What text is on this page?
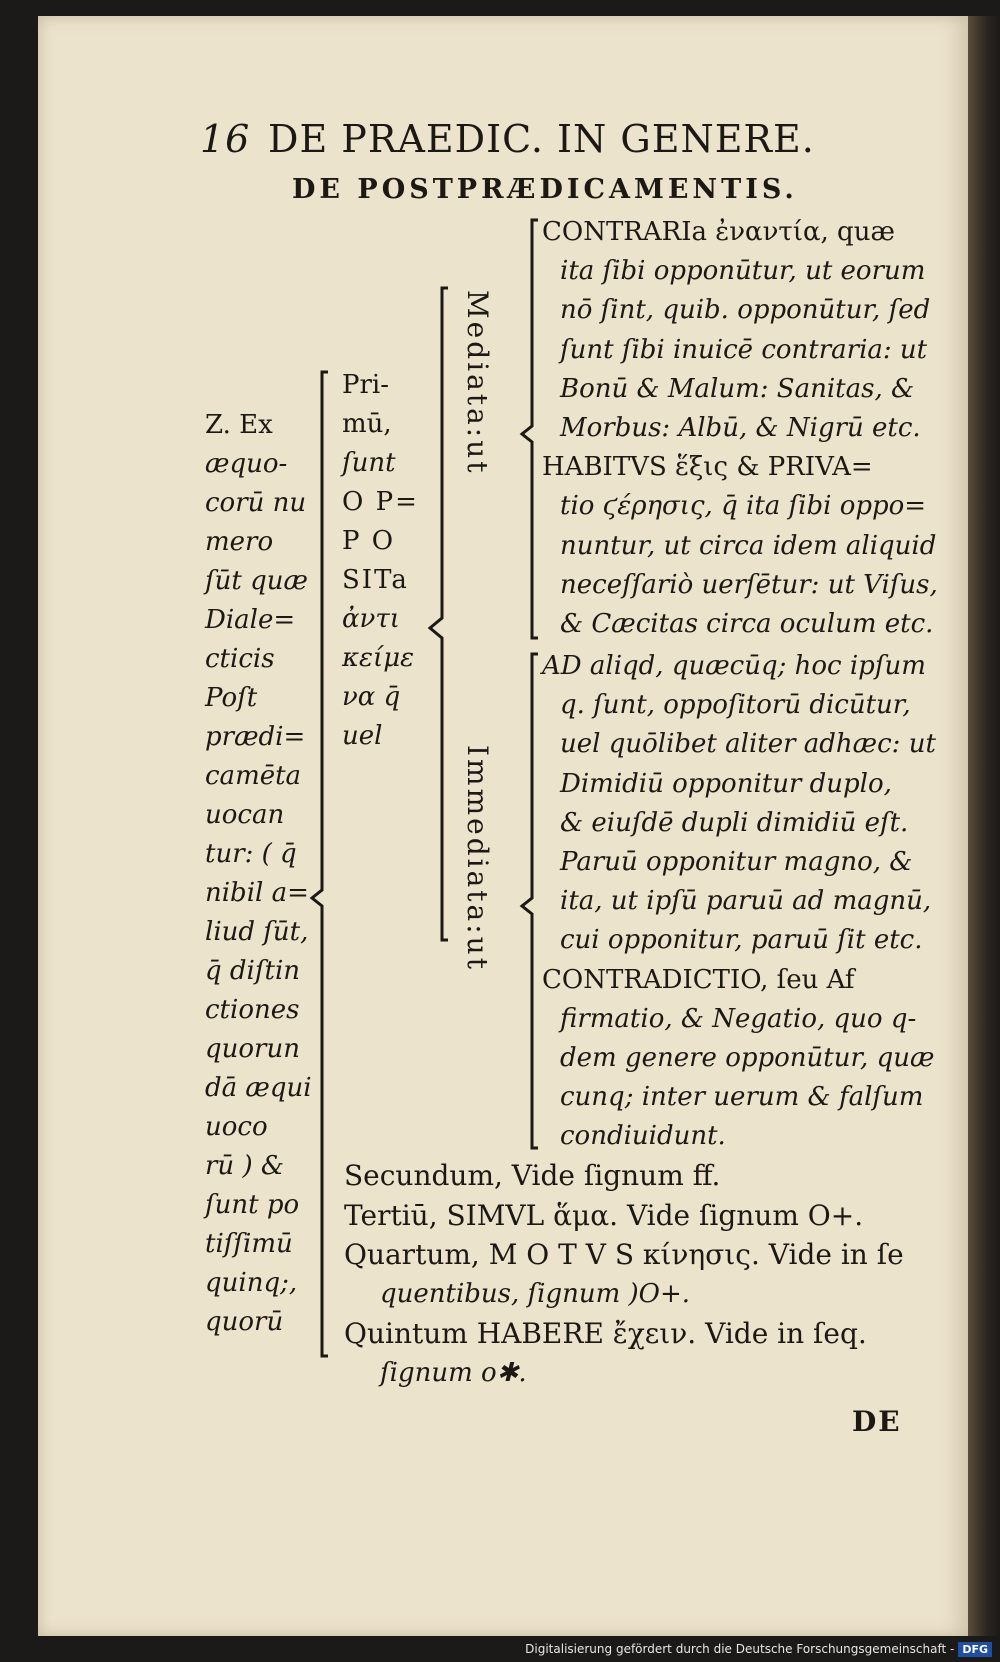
16 DE PRAEDIC. IN GENERE.
DE POSTPRÆDICAMENTIS.
Z. Ex
æquo-
corū nu
mero
ſūt quæ
Diale=
cticis
Poſt
prædi=
camēta
uocan
tur: ( q̄
nibil a=
liud ſūt,
q̄ diſtin
ctiones
quorun
dā æqui
uoco
rū ) &
ſunt po
tiſſimū
quinq;,
quorū
Pri-
mū,
ſunt
O P=
P O
SITa
ἀντι
κείμε
να q̄
uel
Mediata:ut
Immediata:ut
CONTRARIa ἐναντία, quæ
ita ſibi opponūtur, ut eorum
nō ſint, quib. opponūtur, ſed
ſunt ſibi inuicē contraria: ut
Bonū & Malum: Sanitas, &
Morbus: Albū, & Nigrū etc.
HABITVS ἕξις & PRIVA=
tio ϛέρησις, q̄ ita ſibi oppo=
nuntur, ut circa idem aliquid
neceſſariò uerſētur: ut Viſus,
& Cæcitas circa oculum etc.
AD aliqd, quæcūq; hoc ipſum
q. ſunt, oppoſitorū dicūtur,
uel quōlibet aliter adhæc: ut
Dimidiū opponitur duplo,
& eiuſdē dupli dimidiū eſt.
Paruū opponitur magno, &
ita, ut ipſū paruū ad magnū,
cui opponitur, paruū ſit etc.
CONTRADICTIO, ſeu Af
firmatio, & Negatio, quo q-
dem genere opponūtur, quæ
cunq; inter uerum & falſum
condiuidunt.
Secundum, Vide ſignum ff.
Tertiū, SIMVL ἅμα. Vide ſignum O+.
Quartum, M O T V S κίνησις. Vide in ſe
quentibus, ſignum )O+.
Quintum HABERE ἔχειν. Vide in ſeq.
ſignum o✱.
DE
Digitalisierung gefördert durch die Deutsche Forschungsgemeinschaft - DFG
